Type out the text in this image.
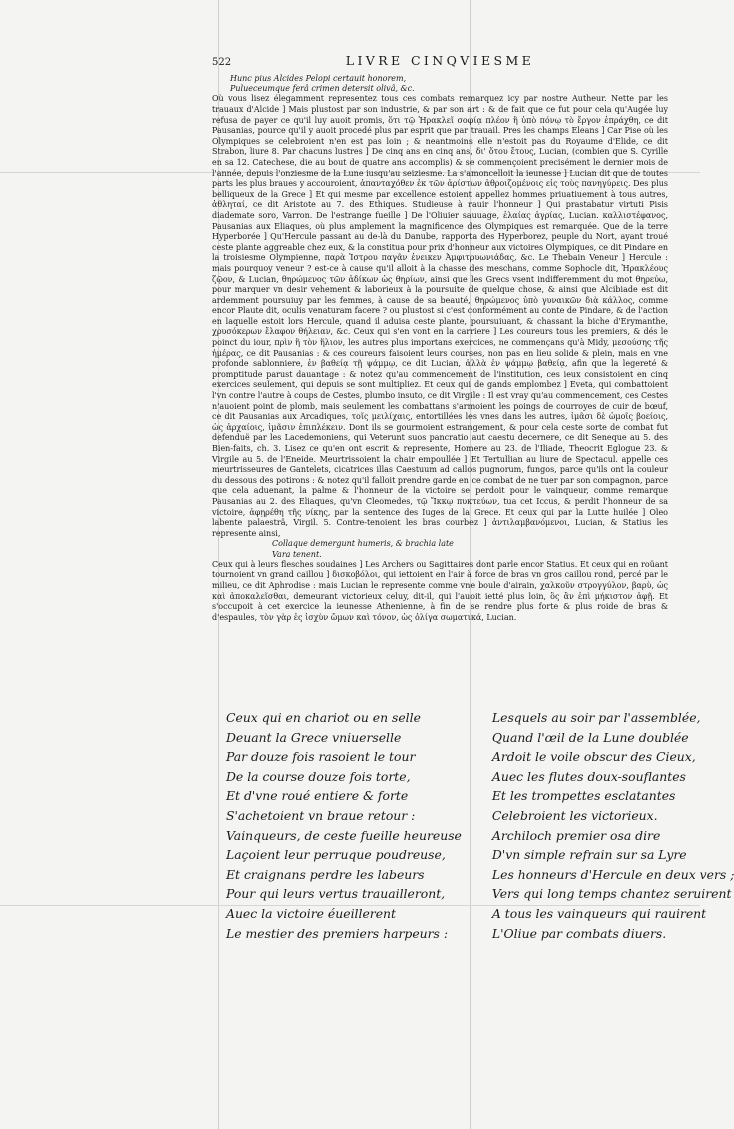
522	LIVRE CINQVIESME
Hunc pius Alcides Pelopi certauit honorem,
Pulueceumque ferâ crimen detersit olivâ, &c.

Où vous lisez élegamment representez tous ces combats remarquez icy par nostre Autheur. Nette par les trauaux d'Alcide ] Mais plustost par son industrie, & par son art : & de fait que ce fut pour cela qu'Augée luy refusa de payer ce qu'il luy auoit promis, ὅτι τῷ Ἡρακλεῖ σοφίᾳ πλέον ἢ ὑπὸ πόνῳ τὸ ἔργον ἐπράχθη, ce dit Pausanias, pource qu'il y auoit procedé plus par esprit que par trauail. Pres les champs Eleans ] Car Pise où les Olympiques se celebroient n'en est pas loin ; & neantmoins elle n'estoit pas du Royaume d'Elide, ce dit Strabon, liure 8. Par chacuns lustres ] De cinq ans en cinq ans, δι' ὅτου ἔτους, Lucian, (combien que S. Cyrille en sa 12. Catechese, die au bout de quatre ans accomplis) & se commençoient precisément le dernier mois de l'année, depuis l'onziesme de la Lune iusqu'au seiziesme. La s'amoncelloit la ieunesse ] Lucian dit que de toutes parts les plus braues y accouroient, ἀπανταχόθεν ἐκ τῶν ἀρίστων ἀθροιζομένοις εἰς τοὺς πανηγύρεις. Des plus belliqueux de la Grece ] Et qui mesme par excellence estoient appellez hommes priuatiuement à tous autres, ἀθληταί, ce dit Aristote au 7. des Ethiques. Studieuse à rauir l'honneur ] Qui prastabatur virtuti Pisis diademate soro, Varron. De l'estrange fueille ] De l'Oliuier sauuage, ἐλαίας ἀγρίας, Lucian. καλλιστέφανος, Pausanias aux Eliaques, où plus amplement la magnificence des Olympiques est remarquée. Que de la terre Hyperborée ] Qu'Hercule passant au de-là du Danube, rapporta des Hyperborez, peuple du Nort, ayant troué ceste plante aggreable chez eux, & la constitua pour prix d'honneur aux victoires Olympiques, ce dit Pindare en la troisiesme Olympienne, παρὰ Ἰστρου παγᾶν ἐνεικεν Ἀμφιτρυωνιάδας, &c. Le Thebain Veneur ] Hercule : mais pourquoy veneur ? est-ce à cause qu'il alloit à la chasse des meschans, comme Sophocle dit, Ἡρακλέους ζῷον, & Lucian, θηρώμενος τῶν ἀδίκων ὡς θηρίων, ainsi que les Grecs vsent indifferemment du mot θηρεύω, pour marquer vn desir vehement & laborieux à la poursuite de quelque chose, & ainsi que Alcibiade est dit ardemment poursuiuy par les femmes, à cause de sa beauté, θηρώμενος ὑπὸ γυναικῶν διὰ κάλλος, comme encor Plaute dit, oculis venaturam facere ? ou plustost si c'est conformément au conte de Pindare, & de l'action en laquelle estoit lors Hercule, quand il aduisa ceste plante, poursuiuant, & chassant la biche d'Erymanthe, χρυσόκερων ἔλαφον θήλειαν, &c. Ceux qui s'en vont en la carriere ] Les coureurs tous les premiers, & dés le poinct du iour, πρὶν ἢ τὸν ἥλιον, les autres plus importans exercices, ne commençans qu'à Midy, μεσούσης τῆς ἡμέρας, ce dit Pausanias : & ces coureurs faisoient leurs courses, non pas en lieu solide & plein, mais en vne profonde sablonniere, ἐν βαθείᾳ τῇ ψάμμῳ, ce dit Lucian, ἀλλὰ ἐν ψάμμῳ βαθείᾳ, afin que la legereté & promptitude parust dauantage : & notez qu'au commencement de l'institution, ces ieux consistoient en cinq exercices seulement, qui depuis se sont multipliez. Et ceux qui de gands emplombez ] Eveta, qui combattoient l'vn contre l'autre à coups de Cestes, plumbo insuto, ce dit Virgile : Il est vray qu'au commencement, ces Cestes n'auoient point de plomb, mais seulement les combattans s'armoient les poings de courroyes de cuir de bœuf, ce dit Pausanias aux Arcadiques, τοῖς μειλίχαις, entortillées les vnes dans les autres, ἱμᾶσι δὲ ὠμοῖς βοείοις, ὡς ἀρχαίοις, ἱμᾶσιν ἐπιπλέκειν. Dont ils se gourmoient estrangement, & pour cela ceste sorte de combat fut defenduë par les Lacedemoniens, qui Veterunt suos pancratio aut caestu decernere, ce dit Seneque au 5. des Bien-faits, ch. 3. Lisez ce qu'en ont escrit & represente, Homere au 23. de l'Iliade, Theocrit Eglogue 23. & Virgile au 5. de l'Eneide. Meurtrissoient la chair empoullée ] Et Tertullian au liure de Spectacul. appelle ces meurtrisseures de Gantelets, cicatrices illas Caestuum ad callos pugnorum, fungos, parce qu'ils ont la couleur du dessous des potirons : & notez qu'il falloit prendre garde en ce combat de ne tuer par son compagnon, parce que cela aduenant, la palme & l'honneur de la victoire se perdoit pour le vainqueur, comme remarque Pausanias au 2. des Eliaques, qu'vn Cleomedes, τῷ Ἴκκῳ πυκτεύων, tua cet Iccus, & perdit l'honneur de sa victoire, ἀφῃρέθη τῆς νίκης, par la sentence des Iuges de la Grece. Et ceux qui par la Lutte huilée ] Oleo labente palaestrâ, Virgil. 5. Contre-tenoient les bras courbez ] ἀντιλαμβανόμενοι, Lucian, & Statius les represente ainsi,

Collaque demergunt humeris, & brachia late
Vara tenent.

Ceux qui à leurs flesches soudaines ] Les Archers ou Sagittaires dont parle encor Statius. Et ceux qui en roüant tournoient vn grand caillou ] δισκοβόλοι, qui iettoient en l'air à force de bras vn gros caillou rond, percé par le milieu, ce dit Aphrodise : mais Lucian le represente comme vne boule d'airain, χαλκοῦν στρογγύλον, βαρὺ, ὡς καὶ ἀποκαλεῖσθαι, demeurant victorieux celuy, dit-il, qui l'auoit ietté plus loin, ὃς ἂν ἐπὶ μήκιστον ἀφῇ. Et s'occupoit à cet exercice la ieunesse Athenienne, à fin de se rendre plus forte & plus roide de bras & d'espaules, τὸν γὰρ ἐς ἰσχὺν ὤμων καὶ τόνον, ὡς ὀλίγα σωματικά, Lucian.

Ceux qui en chariot ou en selle
Deuant la Grece vniuerselle
Par douze fois rasoient le tour
De la course douze fois torte,
Et d'vne roué entiere & forte
S'achetoient vn braue retour :
Vainqueurs, de ceste fueille heureuse
Laçoient leur perruque poudreuse,
Et craignans perdre les labeurs
Pour qui leurs vertus trauailleront,
Auec la victoire éueillerent
Le mestier des premiers harpeurs :
Lesquels au soir par l'assemblée,
Quand l'œil de la Lune doublée
Ardoit le voile obscur des Cieux,
Auec les flutes doux-souflantes
Et les trompettes esclatantes
Celebroient les victorieux.
Archiloch premier osa dire
D'vn simple refrain sur sa Lyre
Les honneurs d'Hercule en deux vers ;
Vers qui long temps chantez seruirent
A tous les vainqueurs qui rauirent
L'Oliue par combats diuers.
